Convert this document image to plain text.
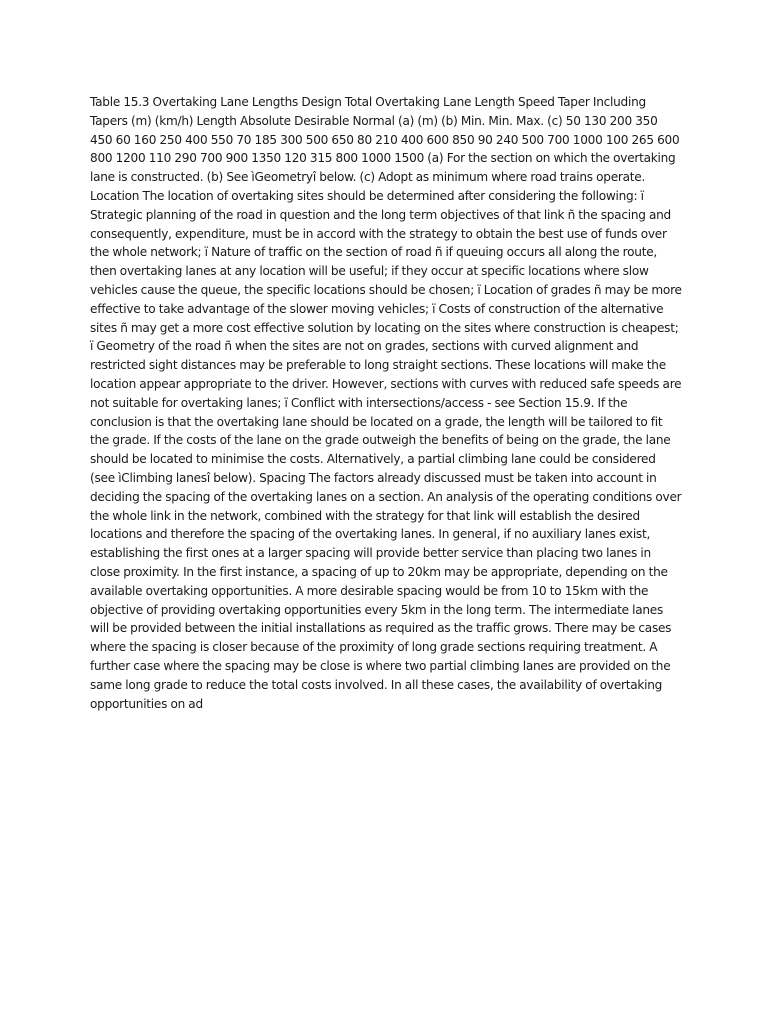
Table 15.3 Overtaking Lane Lengths Design Total Overtaking Lane Length Speed Taper Including Tapers (m) (km/h) Length Absolute Desirable Normal (a) (m) (b) Min. Min. Max. (c) 50 130 200 350 450 60 160 250 400 550 70 185 300 500 650 80 210 400 600 850 90 240 500 700 1000 100 265 600 800 1200 110 290 700 900 1350 120 315 800 1000 1500 (a) For the section on which the overtaking lane is constructed. (b) See ìGeometryî below. (c) Adopt as minimum where road trains operate. Location The location of overtaking sites should be determined after considering the following: ï Strategic planning of the road in question and the long term objectives of that link ñ the spacing and consequently, expenditure, must be in accord with the strategy to obtain the best use of funds over the whole network; ï Nature of traffic on the section of road ñ if queuing occurs all along the route, then overtaking lanes at any location will be useful; if they occur at specific locations where slow vehicles cause the queue, the specific locations should be chosen; ï Location of grades ñ may be more effective to take advantage of the slower moving vehicles; ï Costs of construction of the alternative sites ñ may get a more cost effective solution by locating on the sites where construction is cheapest; ï Geometry of the road ñ when the sites are not on grades, sections with curved alignment and restricted sight distances may be preferable to long straight sections. These locations will make the location appear appropriate to the driver. However, sections with curves with reduced safe speeds are not suitable for overtaking lanes; ï Conflict with intersections/access - see Section 15.9. If the conclusion is that the overtaking lane should be located on a grade, the length will be tailored to fit the grade. If the costs of the lane on the grade outweigh the benefits of being on the grade, the lane should be located to minimise the costs. Alternatively, a partial climbing lane could be considered (see ìClimbing lanesî below). Spacing The factors already discussed must be taken into account in deciding the spacing of the overtaking lanes on a section. An analysis of the operating conditions over the whole link in the network, combined with the strategy for that link will establish the desired locations and therefore the spacing of the overtaking lanes. In general, if no auxiliary lanes exist, establishing the first ones at a larger spacing will provide better service than placing two lanes in close proximity. In the first instance, a spacing of up to 20km may be appropriate, depending on the available overtaking opportunities. A more desirable spacing would be from 10 to 15km with the objective of providing overtaking opportunities every 5km in the long term. The intermediate lanes will be provided between the initial installations as required as the traffic grows. There may be cases where the spacing is closer because of the proximity of long grade sections requiring treatment. A further case where the spacing may be close is where two partial climbing lanes are provided on the same long grade to reduce the total costs involved. In all these cases, the availability of overtaking opportunities on ad
